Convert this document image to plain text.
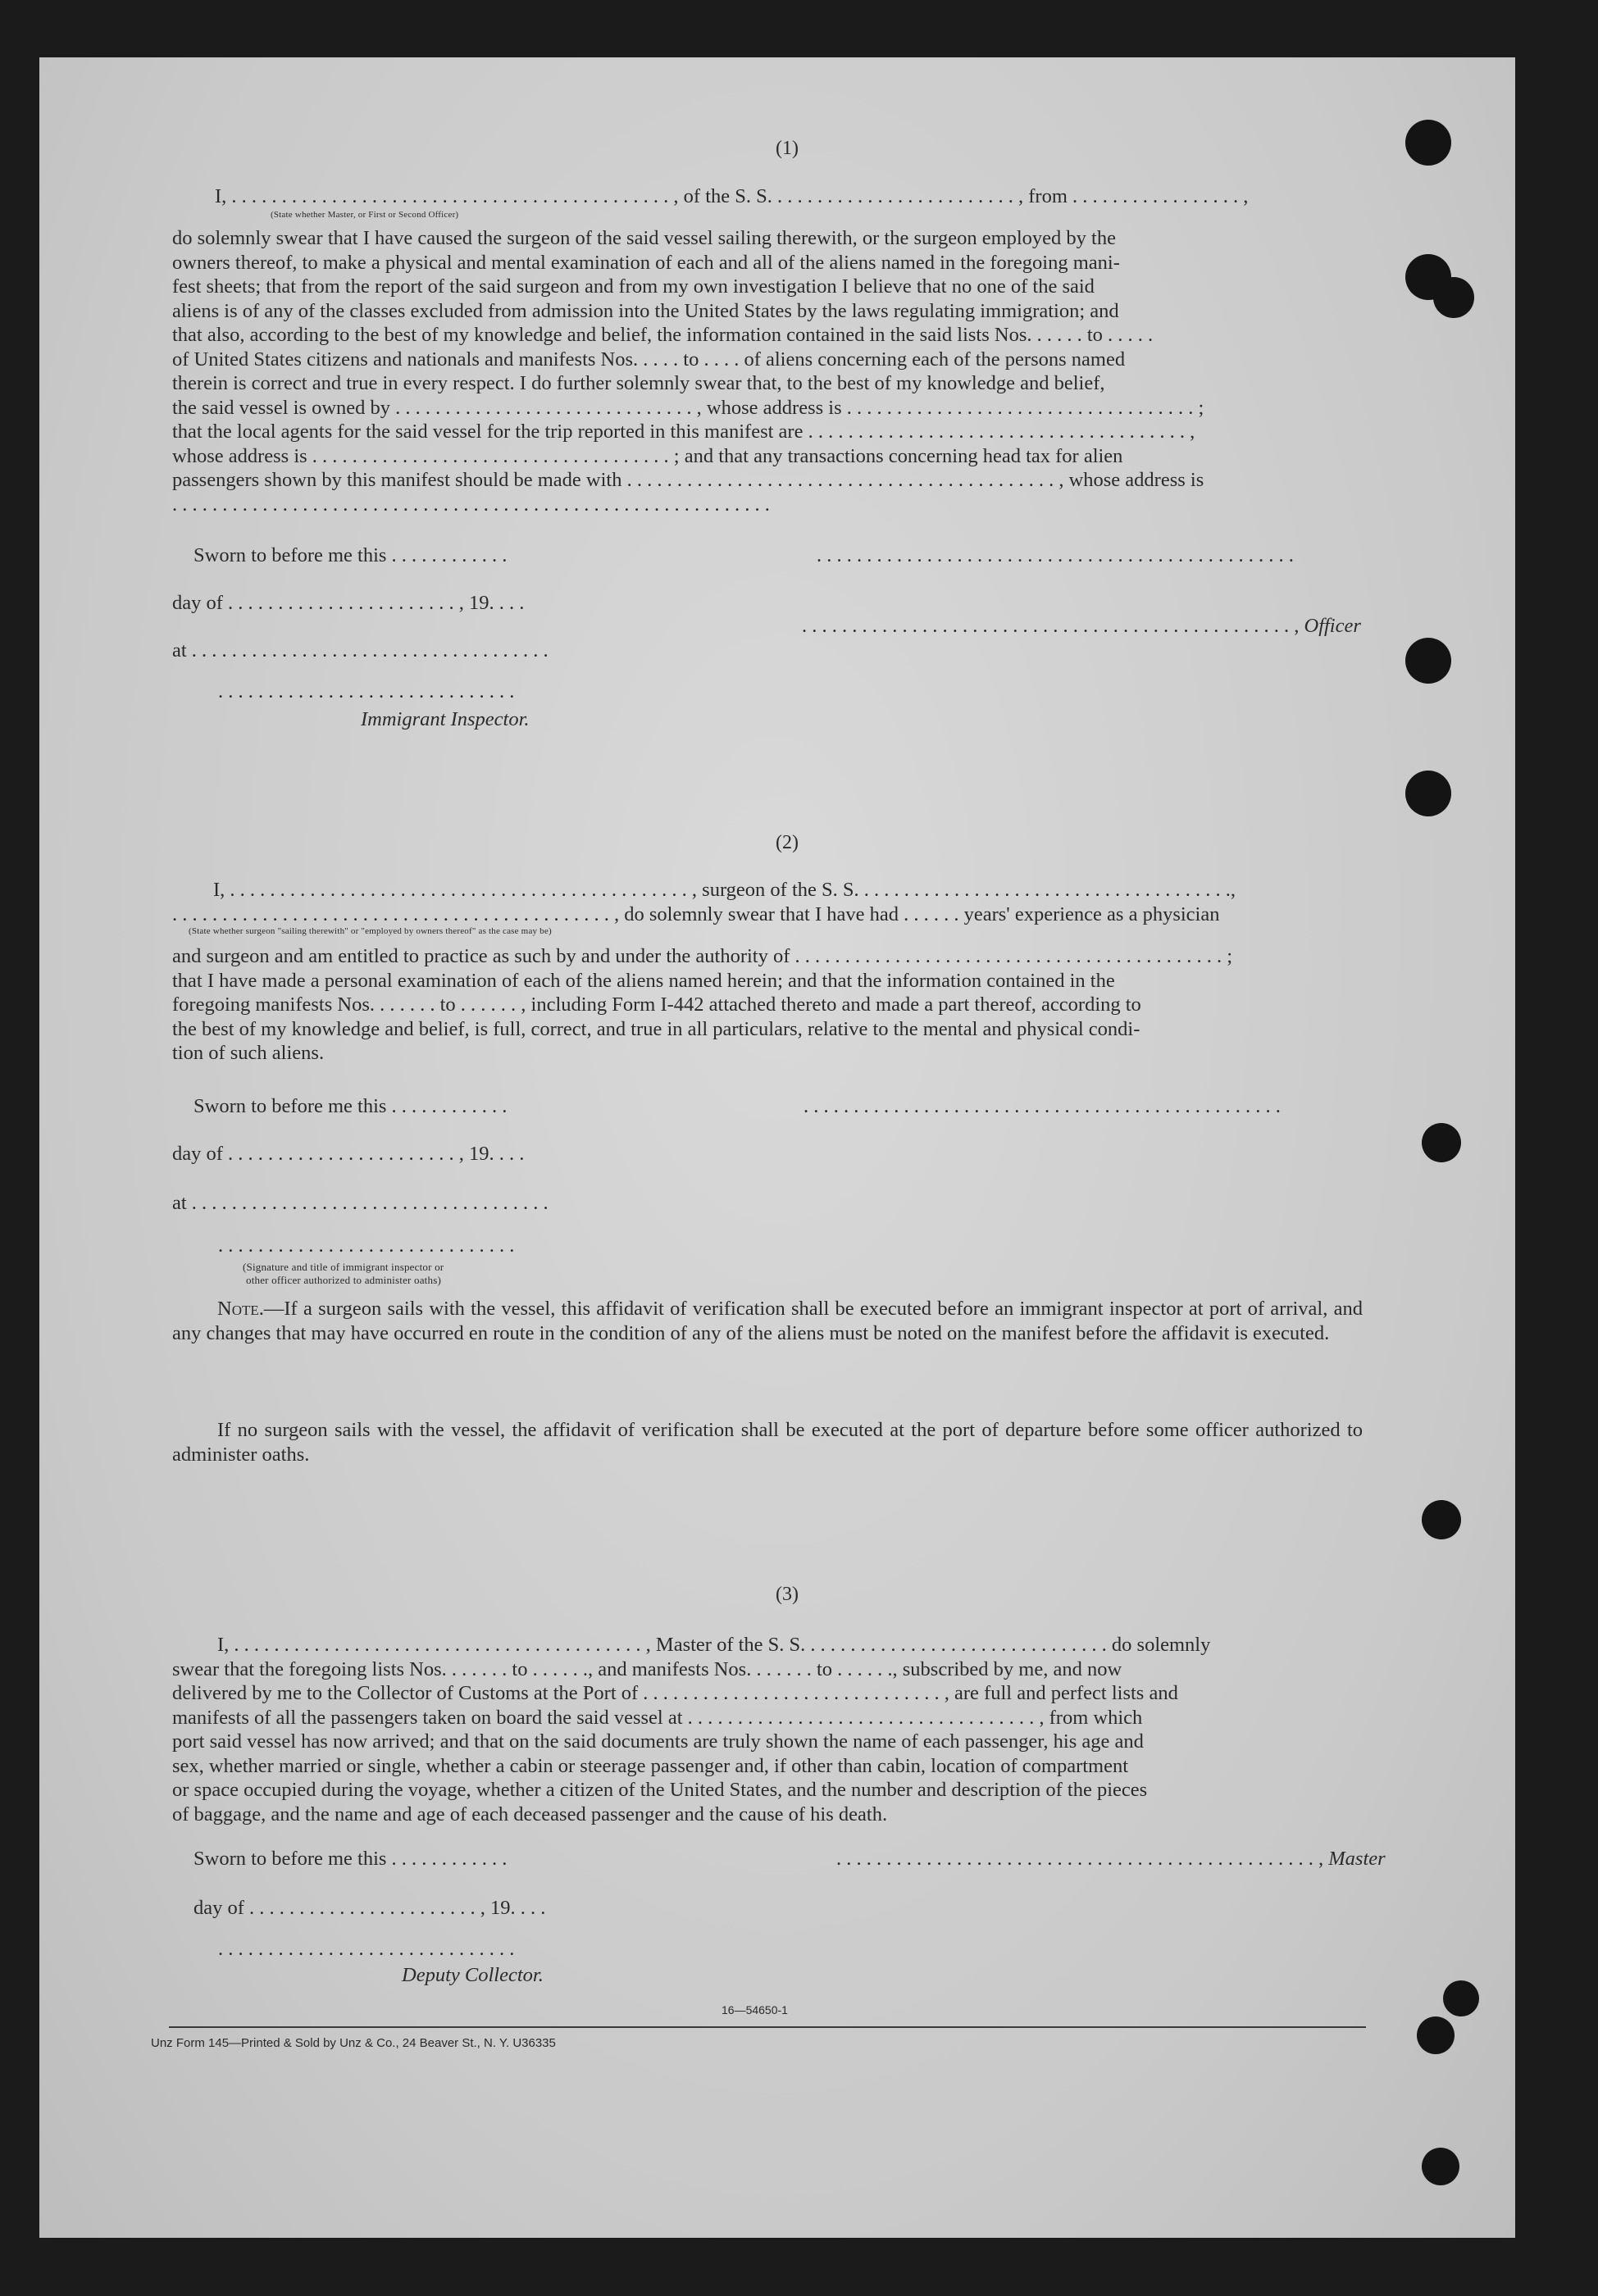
(1)
I, . . . . . . . . . . . . . . . . . . . . . . . . . . . . . . . . . . . . . . . . . . . . , of the S. S. . . . . . . . . . . . . . . . . . . . . . . . . , from . . . . . . . . . . . . . . . . . ,
(State whether Master, or First or Second Officer)
do solemnly swear that I have caused the surgeon of the said vessel sailing therewith, or the surgeon employed by the
owners thereof, to make a physical and mental examination of each and all of the aliens named in the foregoing mani-
fest sheets; that from the report of the said surgeon and from my own investigation I believe that no one of the said
aliens is of any of the classes excluded from admission into the United States by the laws regulating immigration; and
that also, according to the best of my knowledge and belief, the information contained in the said lists Nos. . . . . . to . . . . .
of United States citizens and nationals and manifests Nos. . . . . to . . . . of aliens concerning each of the persons named
therein is correct and true in every respect. I do further solemnly swear that, to the best of my knowledge and belief,
the said vessel is owned by . . . . . . . . . . . . . . . . . . . . . . . . . . . . . . , whose address is . . . . . . . . . . . . . . . . . . . . . . . . . . . . . . . . . . . ;
that the local agents for the said vessel for the trip reported in this manifest are . . . . . . . . . . . . . . . . . . . . . . . . . . . . . . . . . . . . . . ,
whose address is . . . . . . . . . . . . . . . . . . . . . . . . . . . . . . . . . . . . ; and that any transactions concerning head tax for alien
passengers shown by this manifest should be made with . . . . . . . . . . . . . . . . . . . . . . . . . . . . . . . . . . . . . . . . . . . , whose address is
. . . . . . . . . . . . . . . . . . . . . . . . . . . . . . . . . . . . . . . . . . . . . . . . . . . . . . . . . . . .
Sworn to before me this . . . . . . . . . . . .	. . . . . . . . . . . . . . . . . . . . . . . . . . . . . . . . . . . . . . . . . . . . . . . .
day of . . . . . . . . . . . . . . . . . . . . . . . , 19. . . .
. . . . . . . . . . . . . . . . . . . . . . . . . . . . . . . . . . . . . . . . . . . . . . . . . , Officer
at . . . . . . . . . . . . . . . . . . . . . . . . . . . . . . . . . . . .
. . . . . . . . . . . . . . . . . . . . . . . . . . . . . .
Immigrant Inspector.
(2)
I, . . . . . . . . . . . . . . . . . . . . . . . . . . . . . . . . . . . . . . . . . . . . . . , surgeon of the S. S. . . . . . . . . . . . . . . . . . . . . . . . . . . . . . . . . . . . . .,
. . . . . . . . . . . . . . . . . . . . . . . . . . . . . . . . . . . . . . . . . . . . , do solemnly swear that I have had . . . . . . years' experience as a physician
(State whether surgeon "sailing therewith" or "employed by owners thereof" as the case may be)
and surgeon and am entitled to practice as such by and under the authority of . . . . . . . . . . . . . . . . . . . . . . . . . . . . . . . . . . . . . . . . . . . ;
that I have made a personal examination of each of the aliens named herein; and that the information contained in the
foregoing manifests Nos. . . . . . . to . . . . . . , including Form I-442 attached thereto and made a part thereof, according to
the best of my knowledge and belief, is full, correct, and true in all particulars, relative to the mental and physical condi-
tion of such aliens.
Sworn to before me this . . . . . . . . . . . .	. . . . . . . . . . . . . . . . . . . . . . . . . . . . . . . . . . . . . . . . . . . . . . . .
day of . . . . . . . . . . . . . . . . . . . . . . . , 19. . . .
at . . . . . . . . . . . . . . . . . . . . . . . . . . . . . . . . . . . .
. . . . . . . . . . . . . . . . . . . . . . . . . . . . . .
(Signature and title of immigrant inspector or
other officer authorized to administer oaths)

Note.—If a surgeon sails with the vessel, this affidavit of verification shall be executed before an immigrant inspector at port of arrival, and any changes that may have occurred en route in the condition of any of the aliens must be noted on the manifest before the affidavit is executed.

If no surgeon sails with the vessel, the affidavit of verification shall be executed at the port of departure before some officer authorized to administer oaths.

(3)
I, . . . . . . . . . . . . . . . . . . . . . . . . . . . . . . . . . . . . . . . . . , Master of the S. S. . . . . . . . . . . . . . . . . . . . . . . . . . . . . . . do solemnly
swear that the foregoing lists Nos. . . . . . . to . . . . . ., and manifests Nos. . . . . . . to . . . . . ., subscribed by me, and now
delivered by me to the Collector of Customs at the Port of . . . . . . . . . . . . . . . . . . . . . . . . . . . . . . , are full and perfect lists and
manifests of all the passengers taken on board the said vessel at . . . . . . . . . . . . . . . . . . . . . . . . . . . . . . . . . . . , from which
port said vessel has now arrived; and that on the said documents are truly shown the name of each passenger, his age and
sex, whether married or single, whether a cabin or steerage passenger and, if other than cabin, location of compartment
or space occupied during the voyage, whether a citizen of the United States, and the number and description of the pieces
of baggage, and the name and age of each deceased passenger and the cause of his death.
Sworn to before me this . . . . . . . . . . . .	. . . . . . . . . . . . . . . . . . . . . . . . . . . . . . . . . . . . . . . . . . . . . . . . , Master
day of . . . . . . . . . . . . . . . . . . . . . . . , 19. . . .
. . . . . . . . . . . . . . . . . . . . . . . . . . . . . .
Deputy Collector.
16—54650-1
Unz Form 145—Printed & Sold by Unz & Co., 24 Beaver St., N. Y. U36335
